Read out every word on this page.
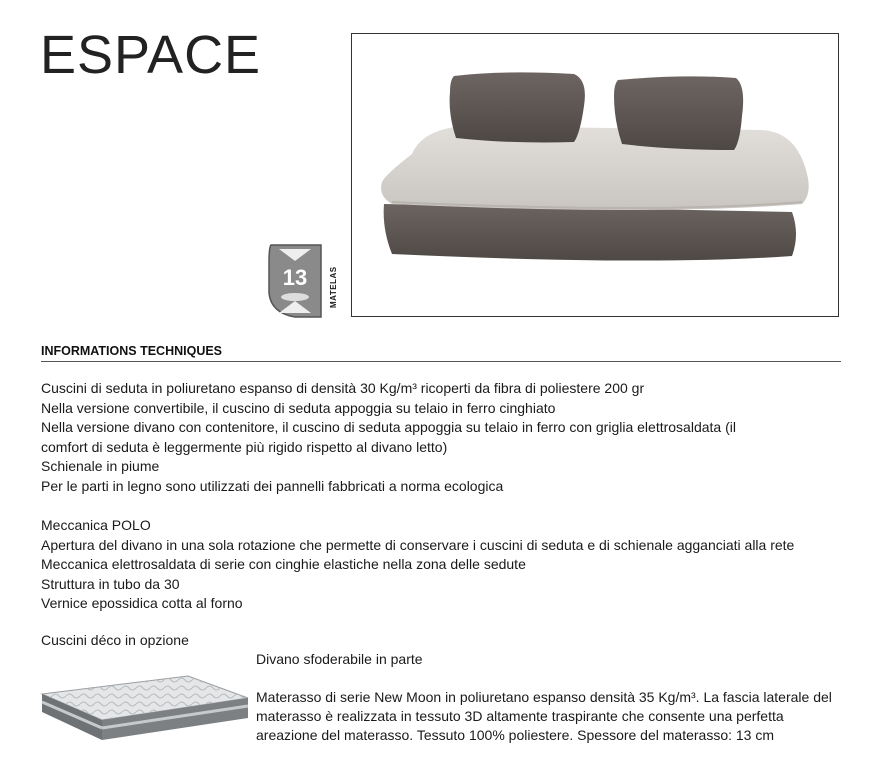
ESPACE
13	MATELAS
INFORMATIONS TECHNIQUES
Cuscini di seduta in poliuretano espanso di densità 30 Kg/m³ ricoperti da fibra di poliestere 200 gr
Nella versione convertibile, il cuscino di seduta appoggia su telaio in ferro cinghiato
Nella versione divano con contenitore, il cuscino di seduta appoggia su telaio in ferro con griglia elettrosaldata (il
comfort di seduta è leggermente più rigido rispetto al divano letto)
Schienale in piume
Per le parti in legno sono utilizzati dei pannelli fabbricati a norma ecologica
Meccanica POLO
Apertura del divano in una sola rotazione che permette di conservare i cuscini di seduta e di schienale agganciati alla rete
Meccanica elettrosaldata di serie con cinghie elastiche nella zona delle sedute
Struttura in tubo da 30
Vernice epossidica cotta al forno
Cuscini déco in opzione
Divano sfoderabile in parte
Materasso di serie New Moon in poliuretano espanso densità 35 Kg/m³. La fascia laterale del materasso è realizzata in tessuto 3D altamente traspirante che consente una perfetta areazione del materasso. Tessuto 100% poliestere. Spessore del materasso: 13 cm
